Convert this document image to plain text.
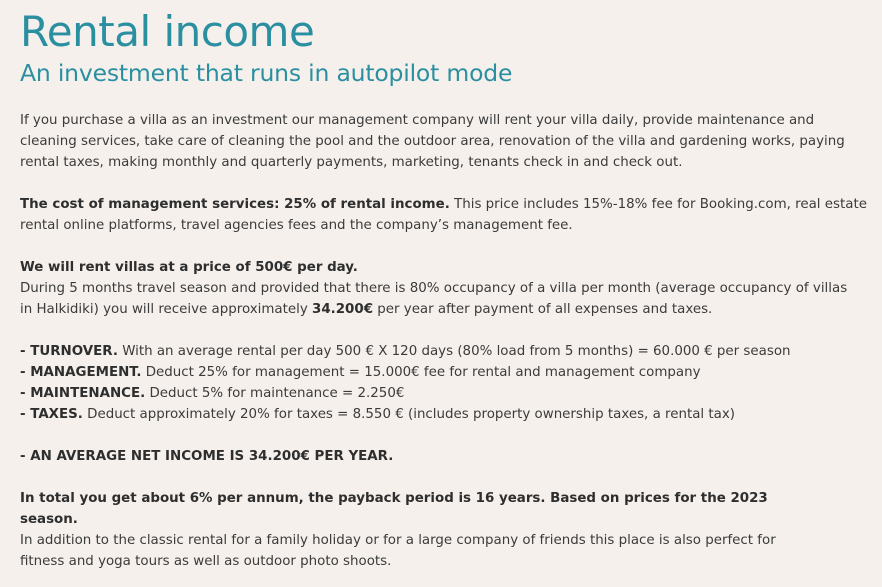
Rental income
An investment that runs in autopilot mode

If you purchase a villa as an investment our management company will rent your villa daily, provide maintenance and cleaning services, take care of cleaning the pool and the outdoor area, renovation of the villa and gardening works, paying rental taxes, making monthly and quarterly payments, marketing, tenants check in and check out.

The cost of management services: 25% of rental income. This price includes 15%-18% fee for Booking.com, real estate rental online platforms, travel agencies fees and the company’s management fee.

We will rent villas at a price of 500€ per day.
During 5 months travel season and provided that there is 80% occupancy of a villa per month (average occupancy of villas in Halkidiki) you will receive approximately 34.200€ per year after payment of all expenses and taxes.

- TURNOVER. With an average rental per day 500 € X 120 days (80% load from 5 months) = 60.000 € per season
- MANAGEMENT. Deduct 25% for management = 15.000€ fee for rental and management company
- MAINTENANCE. Deduct 5% for maintenance = 2.250€
- TAXES. Deduct approximately 20% for taxes = 8.550 € (includes property ownership taxes, a rental tax)

- AN AVERAGE NET INCOME IS 34.200€ PER YEAR.

In total you get about 6% per annum, the payback period is 16 years. Based on prices for the 2023 season.
In addition to the classic rental for a family holiday or for a large company of friends this place is also perfect for fitness and yoga tours as well as outdoor photo shoots.
